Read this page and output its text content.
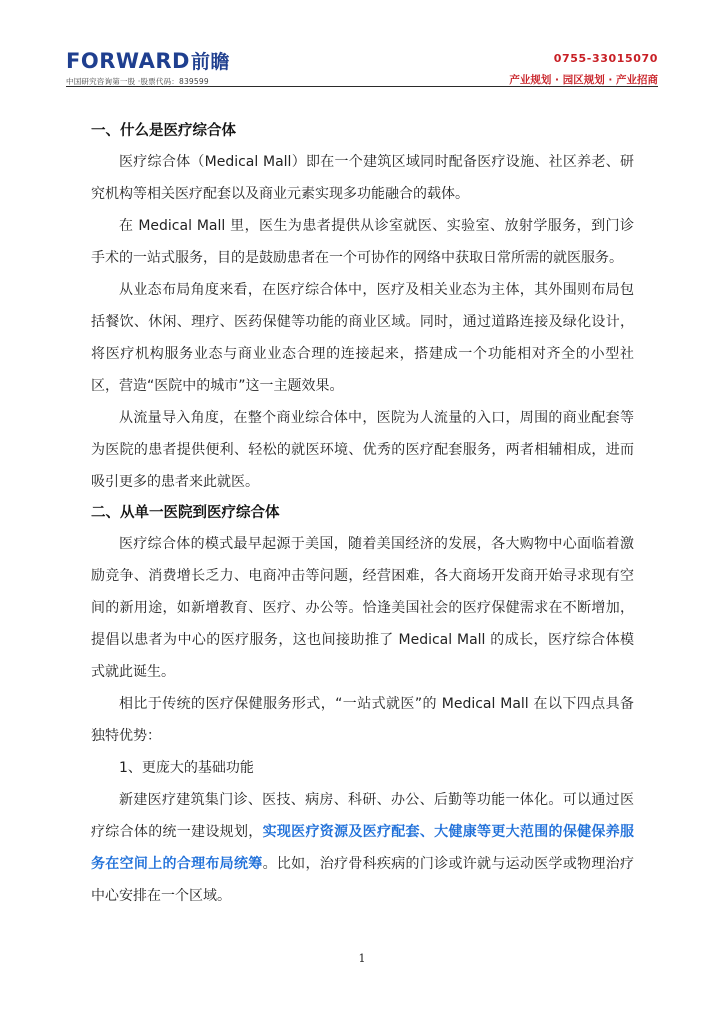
FORWARD前瞻
中国研究咨询第一股 ·股票代码：839599
0755-33015070
产业规划 · 园区规划 · 产业招商
一、什么是医疗综合体

医疗综合体（Medical Mall）即在一个建筑区域同时配备医疗设施、社区养老、研究机构等相关医疗配套以及商业元素实现多功能融合的载体。

在 Medical Mall 里，医生为患者提供从诊室就医、实验室、放射学服务，到门诊手术的一站式服务，目的是鼓励患者在一个可协作的网络中获取日常所需的就医服务。

从业态布局角度来看，在医疗综合体中，医疗及相关业态为主体，其外围则布局包括餐饮、休闲、理疗、医药保健等功能的商业区域。同时，通过道路连接及绿化设计，将医疗机构服务业态与商业业态合理的连接起来，搭建成一个功能相对齐全的小型社区，营造“医院中的城市”这一主题效果。

从流量导入角度，在整个商业综合体中，医院为人流量的入口，周围的商业配套等为医院的患者提供便利、轻松的就医环境、优秀的医疗配套服务，两者相辅相成，进而吸引更多的患者来此就医。

二、从单一医院到医疗综合体

医疗综合体的模式最早起源于美国，随着美国经济的发展，各大购物中心面临着激励竞争、消费增长乏力、电商冲击等问题，经营困难，各大商场开发商开始寻求现有空间的新用途，如新增教育、医疗、办公等。恰逢美国社会的医疗保健需求在不断增加，提倡以患者为中心的医疗服务，这也间接助推了 Medical Mall 的成长，医疗综合体模式就此诞生。

相比于传统的医疗保健服务形式，“一站式就医”的 Medical Mall 在以下四点具备独特优势：

1、更庞大的基础功能

新建医疗建筑集门诊、医技、病房、科研、办公、后勤等功能一体化。可以通过医疗综合体的统一建设规划，实现医疗资源及医疗配套、大健康等更大范围的保健保养服务在空间上的合理布局统筹。比如，治疗骨科疾病的门诊或许就与运动医学或物理治疗中心安排在一个区域。

1
